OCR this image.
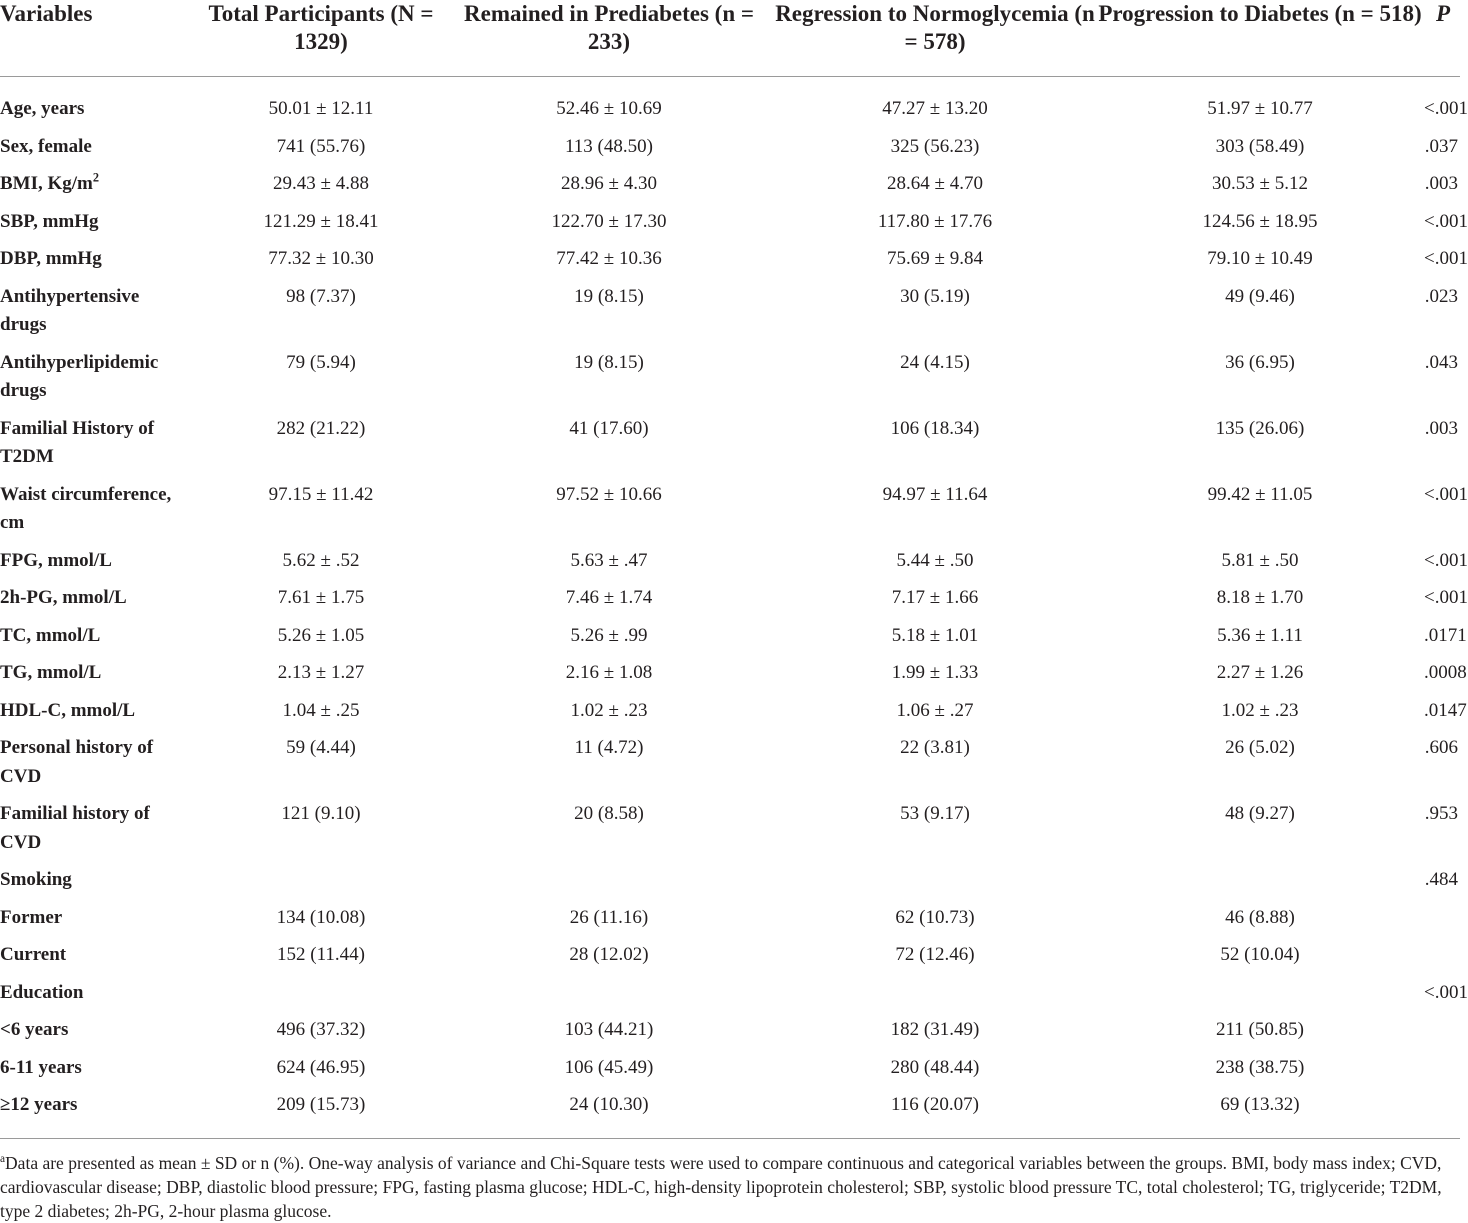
Variables	Total Participants (N = 1329)	Remained in Prediabetes (n = 233)	Regression to Normoglycemia (n = 578)	Progression to Diabetes (n = 518)	P
Age, years	50.01 ± 12.11	52.46 ± 10.69	47.27 ± 13.20	51.97 ± 10.77	<.001
Sex, female	741 (55.76)	113 (48.50)	325 (56.23)	303 (58.49)	.037
BMI, $Kg/m^2$	29.43 ± 4.88	28.96 ± 4.30	28.64 ± 4.70	30.53 ± 5.12	.003
SBP, mmHg	121.29 ± 18.41	122.70 ± 17.30	117.80 ± 17.76	124.56 ± 18.95	<.001
DBP, mmHg	77.32 ± 10.30	77.42 ± 10.36	75.69 ± 9.84	79.10 ± 10.49	<.001
Antihypertensive drugs	98 (7.37)	19 (8.15)	30 (5.19)	49 (9.46)	.023
Antihyperlipidemic drugs	79 (5.94)	19 (8.15)	24 (4.15)	36 (6.95)	.043
Familial History of T2DM	282 (21.22)	41 (17.60)	106 (18.34)	135 (26.06)	.003
Waist circumference, cm	97.15 ± 11.42	97.52 ± 10.66	94.97 ± 11.64	99.42 ± 11.05	<.001
FPG, mmol/L	5.62 ± .52	5.63 ± .47	5.44 ± .50	5.81 ± .50	<.001
2h-PG, mmol/L	7.61 ± 1.75	7.46 ± 1.74	7.17 ± 1.66	8.18 ± 1.70	<.001
TC, mmol/L	5.26 ± 1.05	5.26 ± .99	5.18 ± 1.01	5.36 ± 1.11	.0171
TG, mmol/L	2.13 ± 1.27	2.16 ± 1.08	1.99 ± 1.33	2.27 ± 1.26	.0008
HDL-C, mmol/L	1.04 ± .25	1.02 ± .23	1.06 ± .27	1.02 ± .23	.0147
Personal history of CVD	59 (4.44)	11 (4.72)	22 (3.81)	26 (5.02)	.606
Familial history of CVD	121 (9.10)	20 (8.58)	53 (9.17)	48 (9.27)	.953
Smoking					.484
Former	134 (10.08)	26 (11.16)	62 (10.73)	46 (8.88)	
Current	152 (11.44)	28 (12.02)	72 (12.46)	52 (10.04)	
Education					<.001
<6 years	496 (37.32)	103 (44.21)	182 (31.49)	211 (50.85)	
6-11 years	624 (46.95)	106 (45.49)	280 (48.44)	238 (38.75)	
≥12 years	209 (15.73)	24 (10.30)	116 (20.07)	69 (13.32)	
$^a$Data are presented as mean ± SD or n (%). One-way analysis of variance and Chi-Square tests were used to compare continuous and categorical variables between the groups. BMI, body mass index; CVD, cardiovascular disease; DBP, diastolic blood pressure; FPG, fasting plasma glucose; HDL-C, high-density lipoprotein cholesterol; SBP, systolic blood pressure TC, total cholesterol; TG, triglyceride; T2DM, type 2 diabetes; 2h-PG, 2-hour plasma glucose.
